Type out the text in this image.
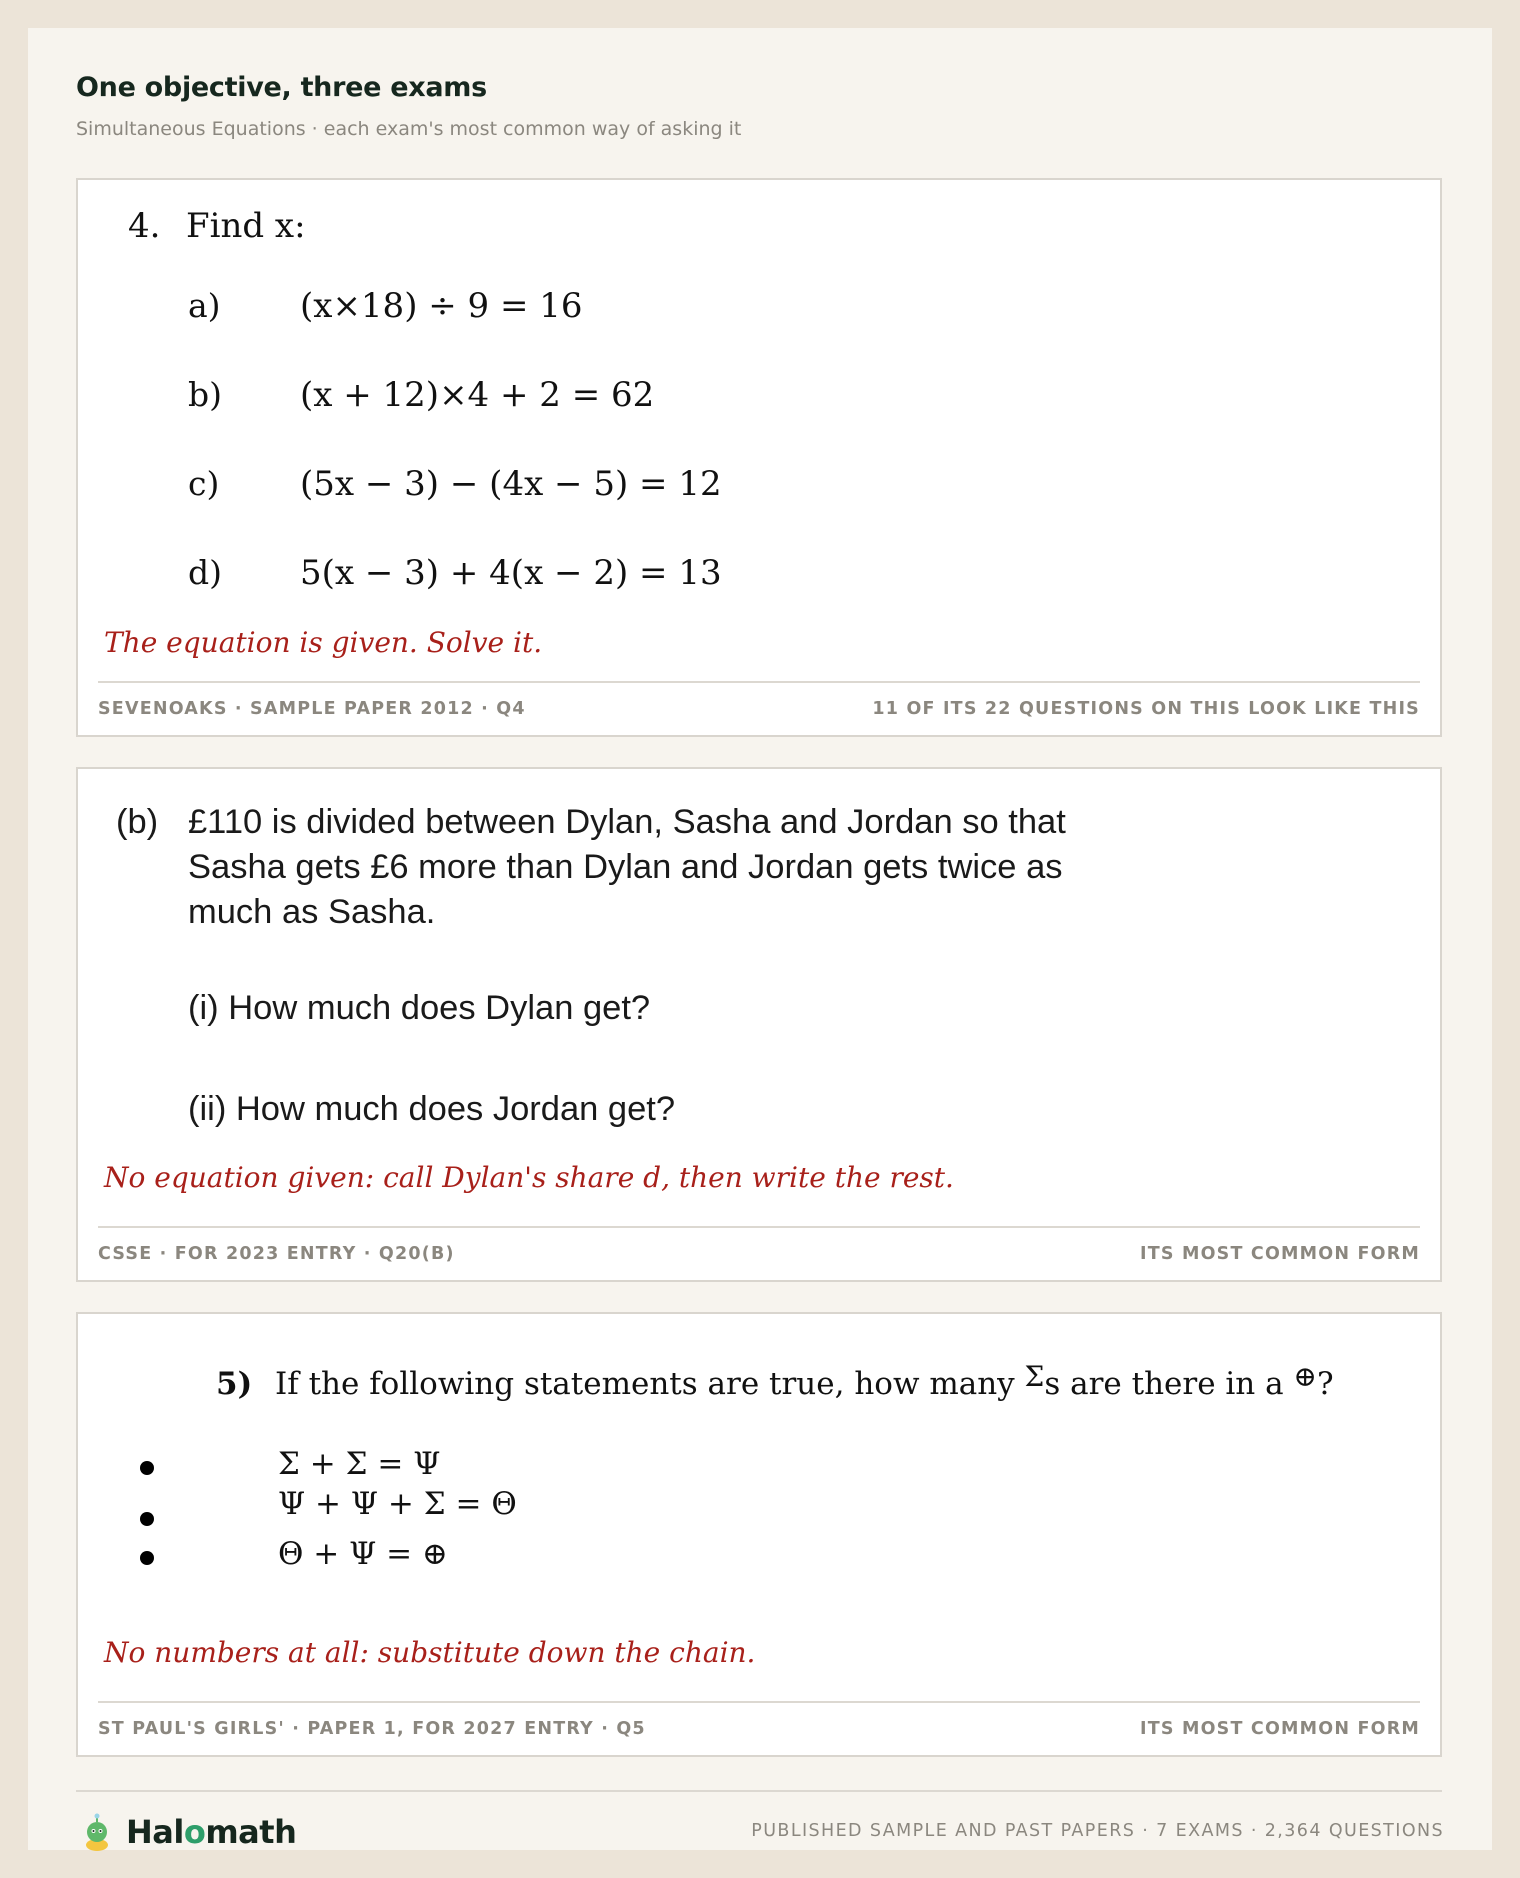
One objective, three exams

Simultaneous Equations · each exam's most common way of asking it

4. Find x:

a) (x×18) ÷ 9 = 16

b) (x + 12)×4 + 2 = 62

c) (5x − 3) − (4x − 5) = 12

d) 5(x − 3) + 4(x − 2) = 13

The equation is given. Solve it.

SEVENOAKS · SAMPLE PAPER 2012 · Q4	11 OF ITS 22 QUESTIONS ON THIS LOOK LIKE THIS

(b) £110 is divided between Dylan, Sasha and Jordan so that

Sasha gets £6 more than Dylan and Jordan gets twice as

much as Sasha.

(i) How much does Dylan get?

(ii) How much does Jordan get?

No equation given: call Dylan's share d, then write the rest.

CSSE · FOR 2023 ENTRY · Q20(B)	ITS MOST COMMON FORM

5) If the following statements are true, how many Σs are there in a ⊕?

Σ + Σ = Ψ

Ψ + Ψ + Σ = Θ

Θ + Ψ = ⊕

No numbers at all: substitute down the chain.

ST PAUL'S GIRLS' · PAPER 1, FOR 2027 ENTRY · Q5	ITS MOST COMMON FORM
Halomath	PUBLISHED SAMPLE AND PAST PAPERS · 7 EXAMS · 2,364 QUESTIONS
